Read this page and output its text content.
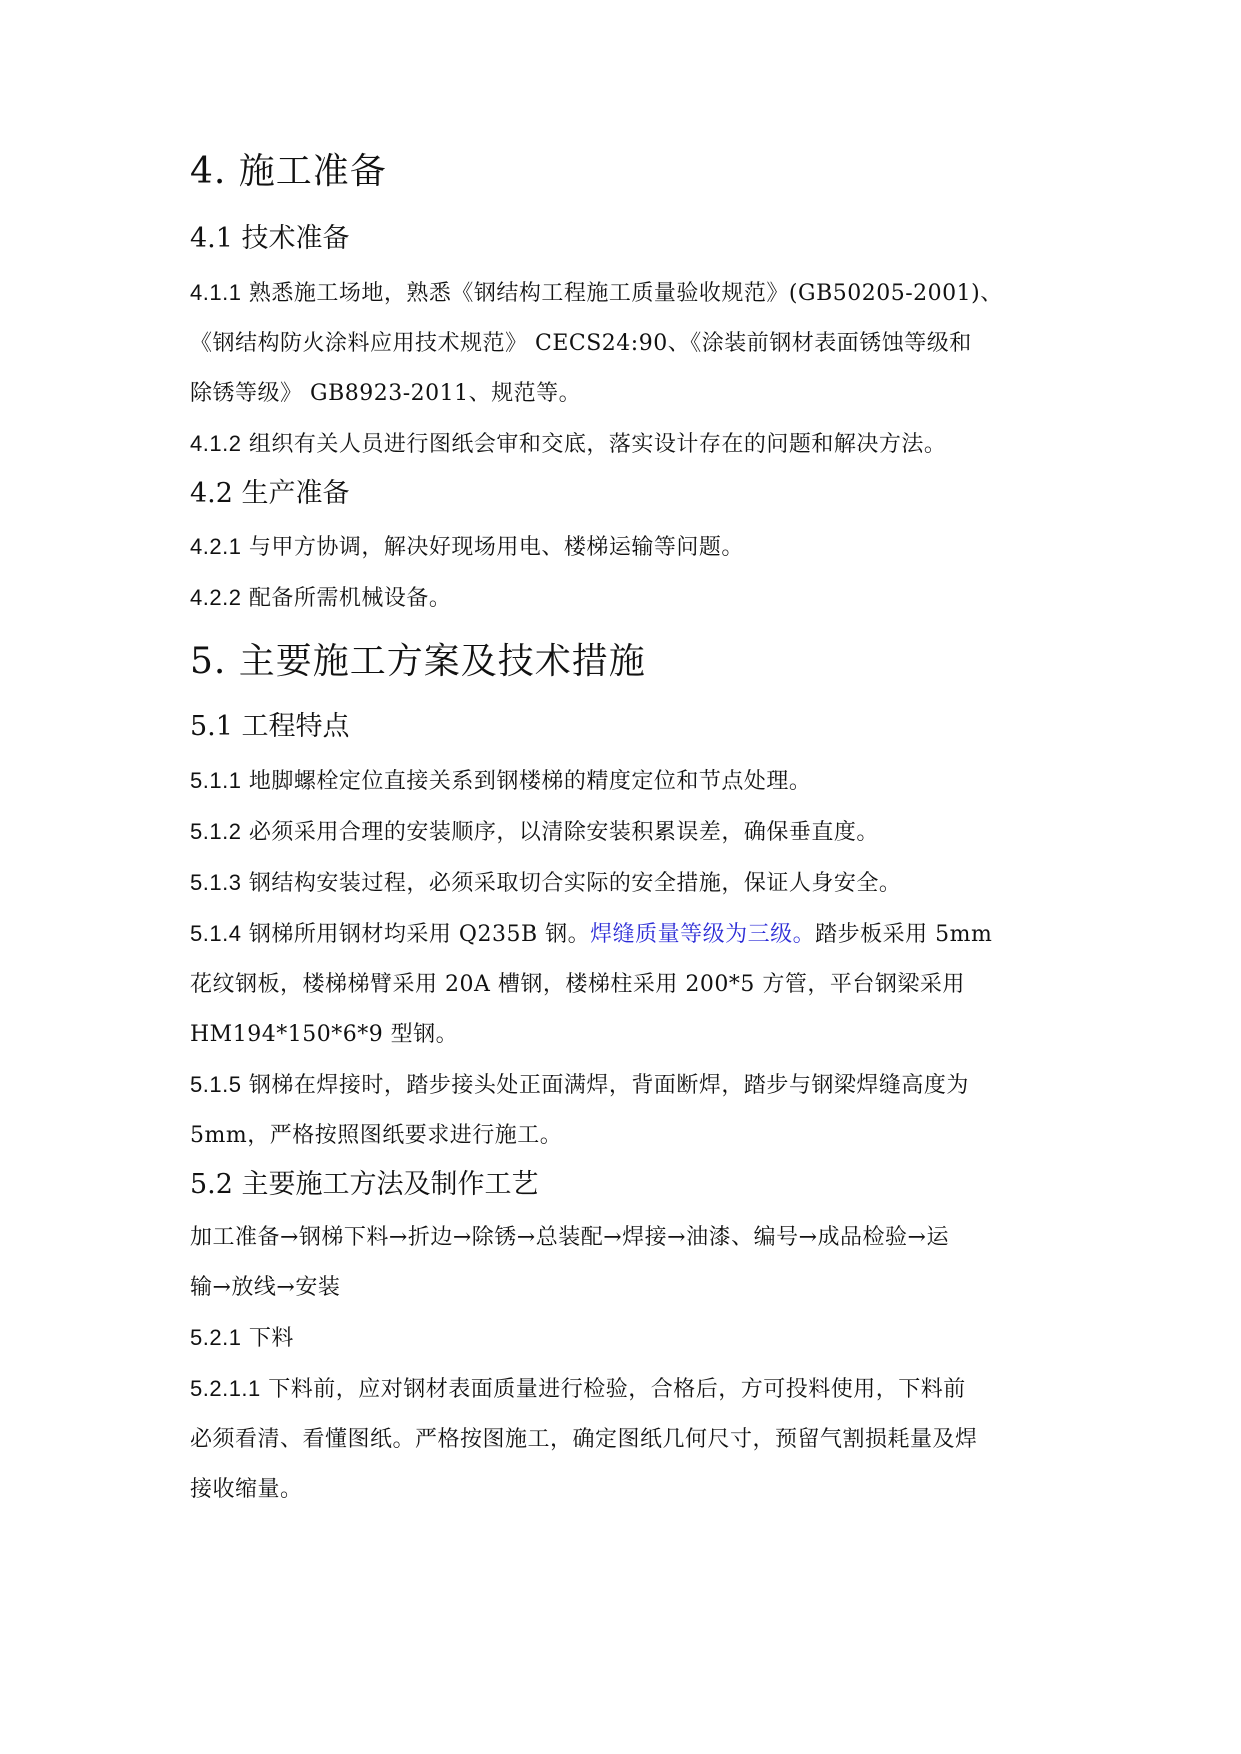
4. 施工准备
4.1 技术准备

4.1.1 熟悉施工场地，熟悉《钢结构工程施工质量验收规范》(GB50205-2001)、
《钢结构防火涂料应用技术规范》 CECS24:90、《涂装前钢材表面锈蚀等级和
除锈等级》 GB8923-2011、规范等。

4.1.2 组织有关人员进行图纸会审和交底，落实设计存在的问题和解决方法。

4.2 生产准备

4.2.1 与甲方协调，解决好现场用电、楼梯运输等问题。

4.2.2 配备所需机械设备。

5. 主要施工方案及技术措施
5.1 工程特点

5.1.1 地脚螺栓定位直接关系到钢楼梯的精度定位和节点处理。

5.1.2 必须采用合理的安装顺序，以清除安装积累误差，确保垂直度。

5.1.3 钢结构安装过程，必须采取切合实际的安全措施，保证人身安全。

5.1.4 钢梯所用钢材均采用 Q235B 钢。焊缝质量等级为三级。踏步板采用 5mm
花纹钢板，楼梯梯臂采用 20A 槽钢，楼梯柱采用 200*5 方管，平台钢梁采用
HM194*150*6*9 型钢。

5.1.5 钢梯在焊接时，踏步接头处正面满焊，背面断焊，踏步与钢梁焊缝高度为
5mm，严格按照图纸要求进行施工。

5.2 主要施工方法及制作工艺

加工准备→钢梯下料→折边→除锈→总装配→焊接→油漆、编号→成品检验→运
输→放线→安装

5.2.1 下料

5.2.1.1 下料前，应对钢材表面质量进行检验，合格后，方可投料使用，下料前
必须看清、看懂图纸。严格按图施工，确定图纸几何尺寸，预留气割损耗量及焊
接收缩量。
